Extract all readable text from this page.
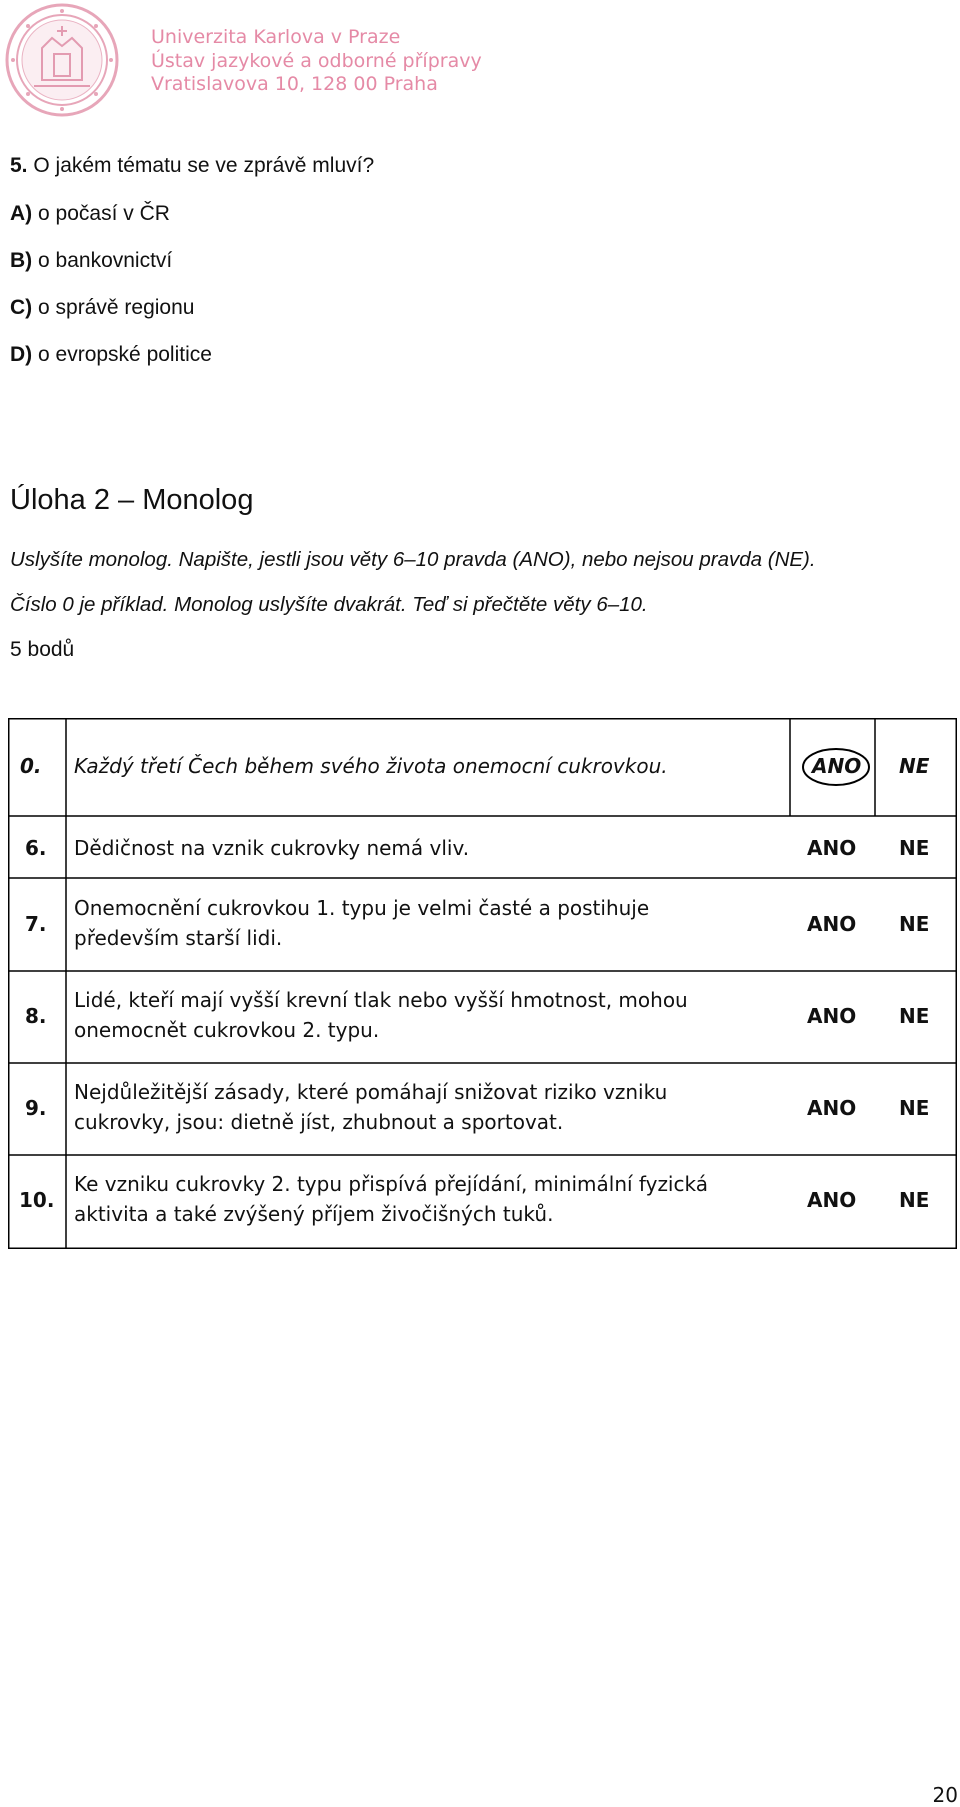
Univerzita Karlova v Praze
Ústav jazykové a odborné přípravy
Vratislavova 10, 128 00 Praha
5. O jakém tématu se ve zprávě mluví?
A) o počasí v ČR
B) o bankovnictví
C) o správě regionu
D) o evropské politice
Úloha 2 – Monolog
Uslyšíte monolog. Napište, jestli jsou věty 6–10 pravda (ANO), nebo nejsou pravda (NE).
Číslo 0 je příklad. Monolog uslyšíte dvakrát. Teď si přečtěte věty 6–10.
5 bodů
0. Každý třetí Čech během svého života onemocní cukrovkou.	ANO NE
6. Dědičnost na vznik cukrovky nemá vliv.	ANO NE
7.
Onemocnění cukrovkou 1. typu je velmi časté a postihuje
především starší lidi.
ANO NE
8.
Lidé, kteří mají vyšší krevní tlak nebo vyšší hmotnost, mohou
onemocnět cukrovkou 2. typu.
ANO NE
9.
Nejdůležitější zásady, které pomáhají snižovat riziko vzniku
cukrovky, jsou: dietně jíst, zhubnout a sportovat.
ANO NE
10.
Ke vzniku cukrovky 2. typu přispívá přejídání, minimální fyzická
aktivita a také zvýšený příjem živočišných tuků.
ANO NE
20
